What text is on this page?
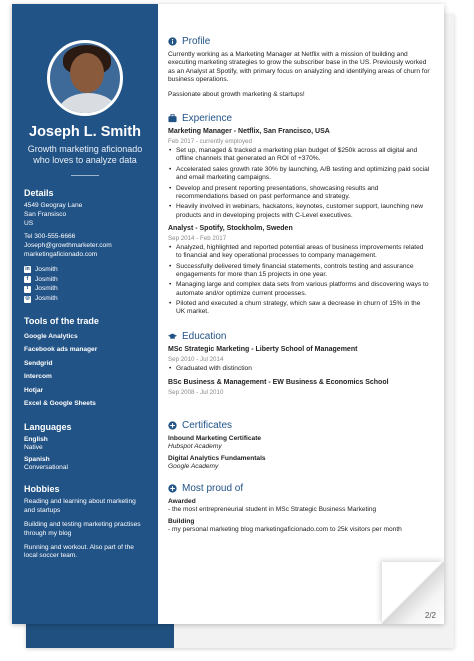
Joseph L. Smith
Growth marketing aficionado who loves to analyze data
Details
4549 Geogray Lane
San Fransisco
US
Tel 300-555-6666
Joseph@growthmarketer.com
marketingaficionado.com
in Josmith
f	Josmith
t	Josmith
◎ Josmith
Tools of the trade
Google Analytics
Facebook ads manager
Sendgrid
Intercom
Hotjar
Excel & Google Sheets
Languages
English
Native
Spanish
Conversational
Hobbies
Reading and learning about marketing and startups
Building and testing marketing practises through my blog
Running and workout. Also part of the local soccer team.
Profile
Currently working as a Marketing Manager at Netflix with a mission of building and executing marketing strategies to grow the subscriber base in the US. Previously worked as an Analyst at Spotify, with primary focus on analyzing and identifying areas of churn for business operations.
Passionate about growth marketing & startups!
Experience
Marketing Manager - Netflix, San Francisco, USA
Feb 2017 - currently employed
• Set up, managed & tracked a marketing plan budget of $250k across all digital and offline channels that generated an ROI of +370%.
• Accelerated sales growth rate 30% by launching, A/B testing and optimizing paid social and email marketing campaigns.
• Develop and present reporting presentations, showcasing results and recommendations based on past performance and strategy.
• Heavily involved in webinars, hackatons, keynotes, customer support, launching new products and in developing projects with C-Level executives.
Analyst - Spotify, Stockholm, Sweden
Sep 2014 - Feb 2017
• Analyzed, highlighted and reported potential areas of business improvements related to financial and key operational processes to company management.
• Successfully delivered timely financial statements, controls testing and assurance engagements for more than 15 projects in one year.
• Managing large and complex data sets from various platforms and discovering ways to automate and/or optimize current processes.
• Piloted and executed a churn strategy, which saw a decrease in churn of 15% in the UK market.
Education
MSc Strategic Marketing - Liberty School of Management
Sep 2010 - Jul 2014
• Graduated with distinction
BSc Business & Management - EW Business & Economics School
Sep 2008 - Jul 2010
Certificates
Inbound Marketing Certificate
Hubspot Academy
Digital Analytics Fundamentals
Google Academy
Most proud of
Awarded
- the most entrepreneurial student in MSc Strategic Business Marketing
Building
- my personal marketing blog marketingaficionado.com to 25k visitors per month
2/2
